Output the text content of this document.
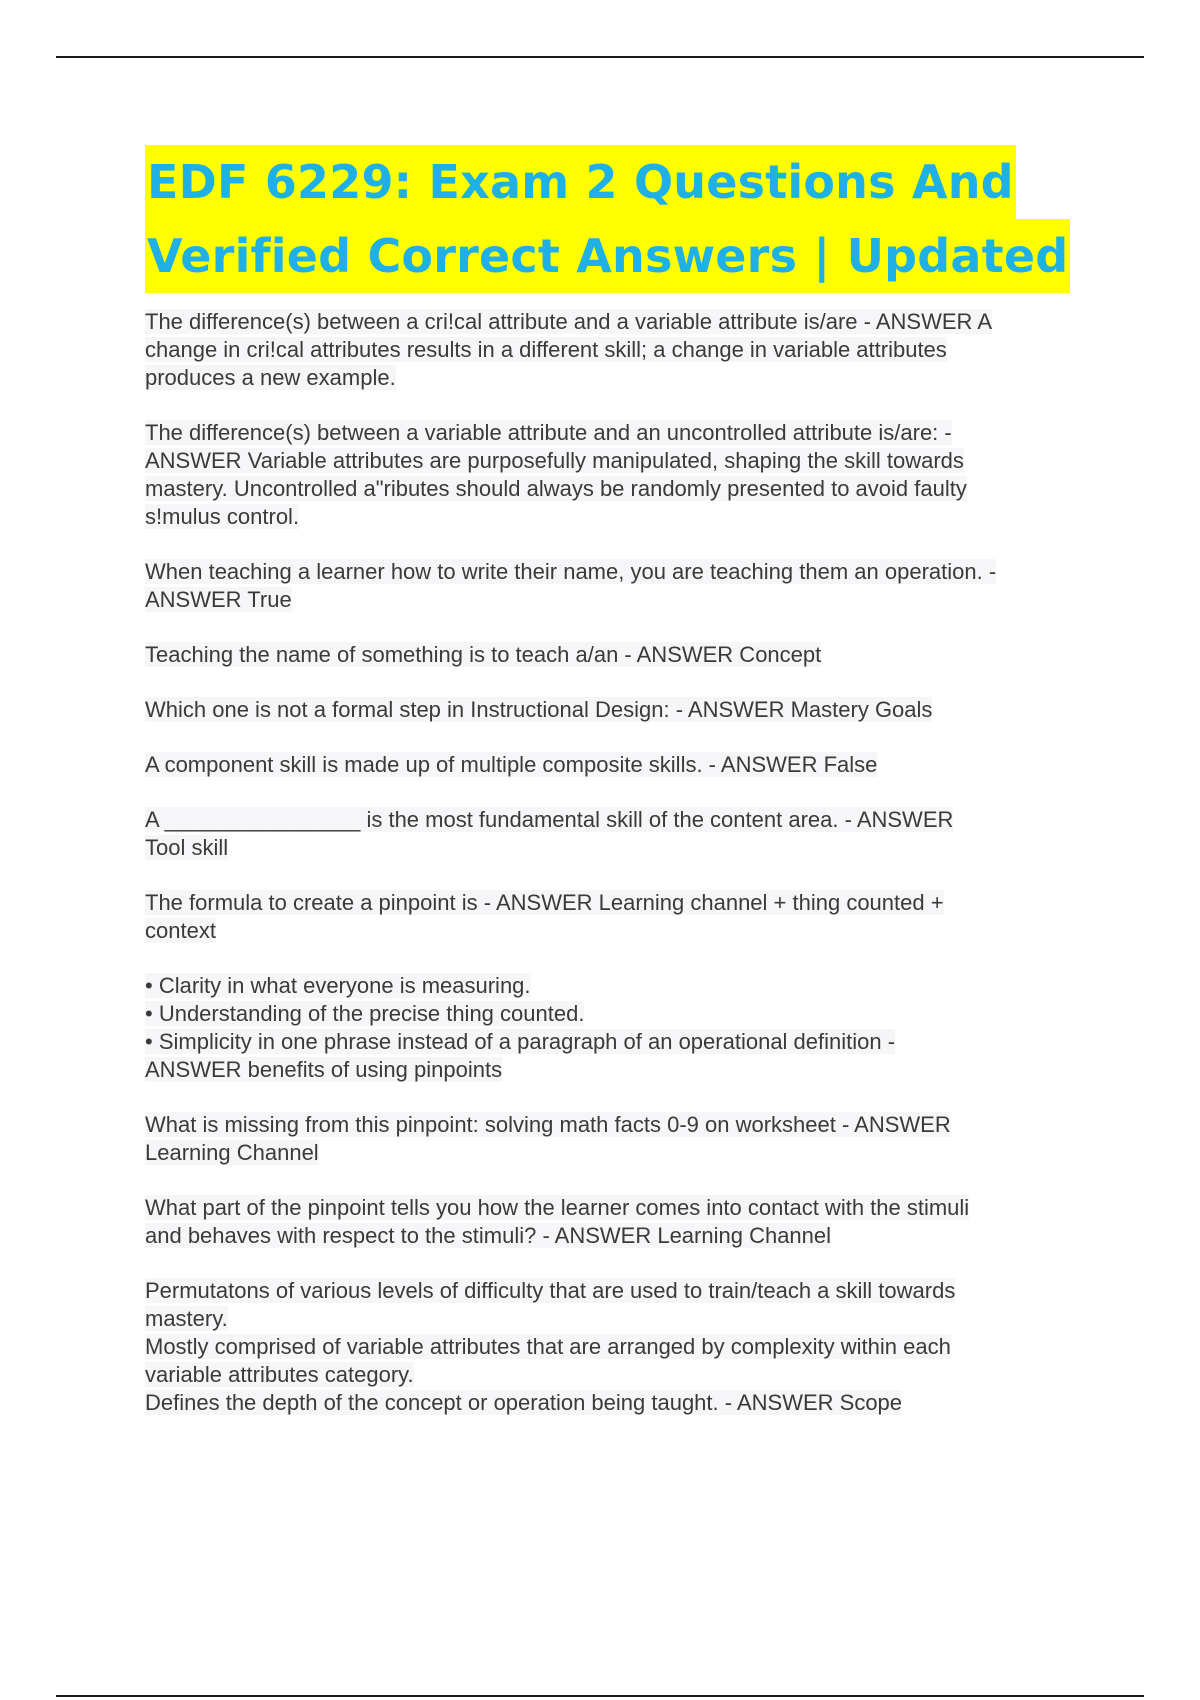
EDF 6229: Exam 2 Questions And
Verified Correct Answers | Updated
The difference(s) between a cri!cal attribute and a variable attribute is/are - ANSWER A
change in cri!cal attributes results in a different skill; a change in variable attributes
produces a new example.
The difference(s) between a variable attribute and an uncontrolled attribute is/are: -
ANSWER Variable attributes are purposefully manipulated, shaping the skill towards
mastery. Uncontrolled a"ributes should always be randomly presented to avoid faulty
s!mulus control.
When teaching a learner how to write their name, you are teaching them an operation. -
ANSWER True
Teaching the name of something is to teach a/an - ANSWER Concept
Which one is not a formal step in Instructional Design: - ANSWER Mastery Goals
A component skill is made up of multiple composite skills. - ANSWER False
A ________________ is the most fundamental skill of the content area. - ANSWER
Tool skill
The formula to create a pinpoint is - ANSWER Learning channel + thing counted +
context
• Clarity in what everyone is measuring.
• Understanding of the precise thing counted.
• Simplicity in one phrase instead of a paragraph of an operational definition -
ANSWER benefits of using pinpoints
What is missing from this pinpoint: solving math facts 0-9 on worksheet - ANSWER
Learning Channel
What part of the pinpoint tells you how the learner comes into contact with the stimuli
and behaves with respect to the stimuli? - ANSWER Learning Channel
Permutatons of various levels of difficulty that are used to train/teach a skill towards
mastery.
Mostly comprised of variable attributes that are arranged by complexity within each
variable attributes category.
Defines the depth of the concept or operation being taught. - ANSWER Scope
